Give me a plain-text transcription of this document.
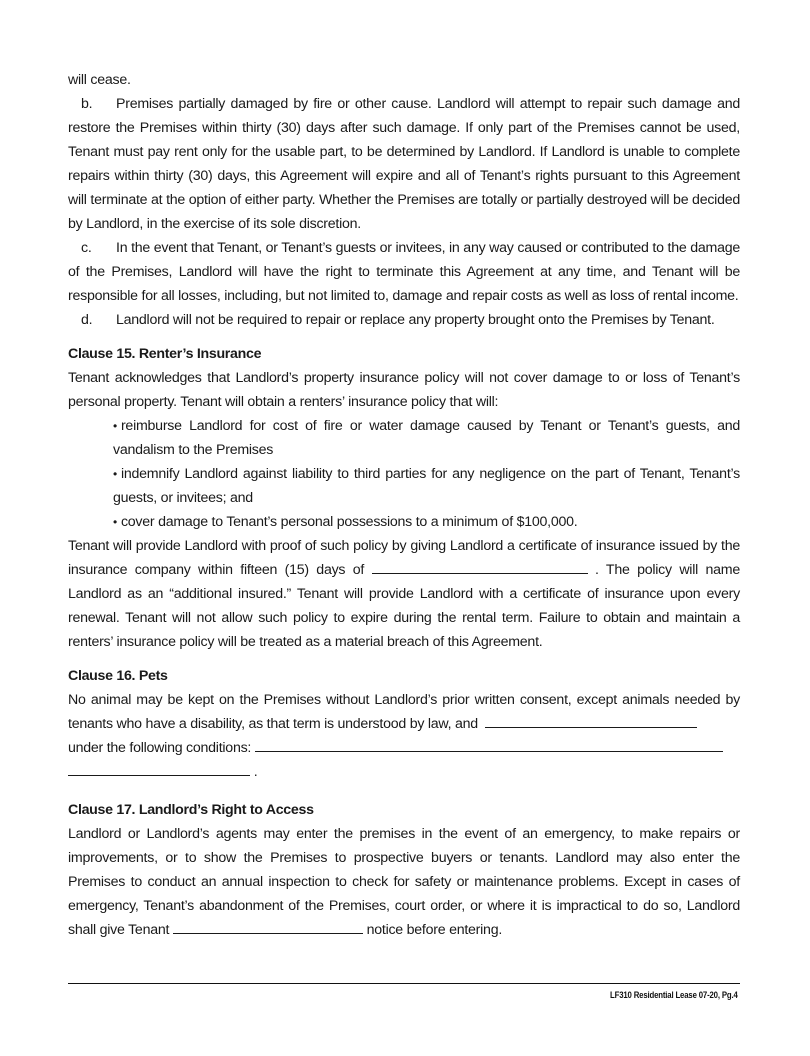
will cease.

b. Premises partially damaged by fire or other cause. Landlord will attempt to repair such damage and restore the Premises within thirty (30) days after such damage. If only part of the Premises cannot be used, Tenant must pay rent only for the usable part, to be determined by Landlord. If Landlord is unable to complete repairs within thirty (30) days, this Agreement will expire and all of Tenant’s rights pursuant to this Agreement will terminate at the option of either party. Whether the Premises are totally or partially destroyed will be decided by Landlord, in the exercise of its sole discretion.

c. In the event that Tenant, or Tenant’s guests or invitees, in any way caused or contributed to the damage of the Premises, Landlord will have the right to terminate this Agreement at any time, and Tenant will be responsible for all losses, including, but not limited to, damage and repair costs as well as loss of rental income.

d. Landlord will not be required to repair or replace any property brought onto the Premises by Tenant.

Clause 15. Renter’s Insurance

Tenant acknowledges that Landlord’s property insurance policy will not cover damage to or loss of Tenant’s personal property. Tenant will obtain a renters’ insurance policy that will:

• reimburse Landlord for cost of fire or water damage caused by Tenant or Tenant’s guests, and vandalism to the Premises
• indemnify Landlord against liability to third parties for any negligence on the part of Tenant, Tenant’s guests, or invitees; and
• cover damage to Tenant’s personal possessions to a minimum of $100,000.

Tenant will provide Landlord with proof of such policy by giving Landlord a certificate of insurance issued by the insurance company within fifteen (15) days of	. The policy will name Landlord as an “additional insured.” Tenant will provide Landlord with a certificate of insurance upon every renewal. Tenant will not allow such policy to expire during the rental term. Failure to obtain and maintain a renters’ insurance policy will be treated as a material breach of this Agreement.

Clause 16. Pets

No animal may be kept on the Premises without Landlord’s prior written consent, except animals needed by tenants who have a disability, as that term is understood by law, and
under the following conditions:
.

Clause 17. Landlord’s Right to Access

Landlord or Landlord’s agents may enter the premises in the event of an emergency, to make repairs or improvements, or to show the Premises to prospective buyers or tenants. Landlord may also enter the Premises to conduct an annual inspection to check for safety or maintenance problems. Except in cases of emergency, Tenant’s abandonment of the Premises, court order, or where it is impractical to do so, Landlord shall give Tenant	notice before entering.

LF310 Residential Lease 07-20, Pg.4
